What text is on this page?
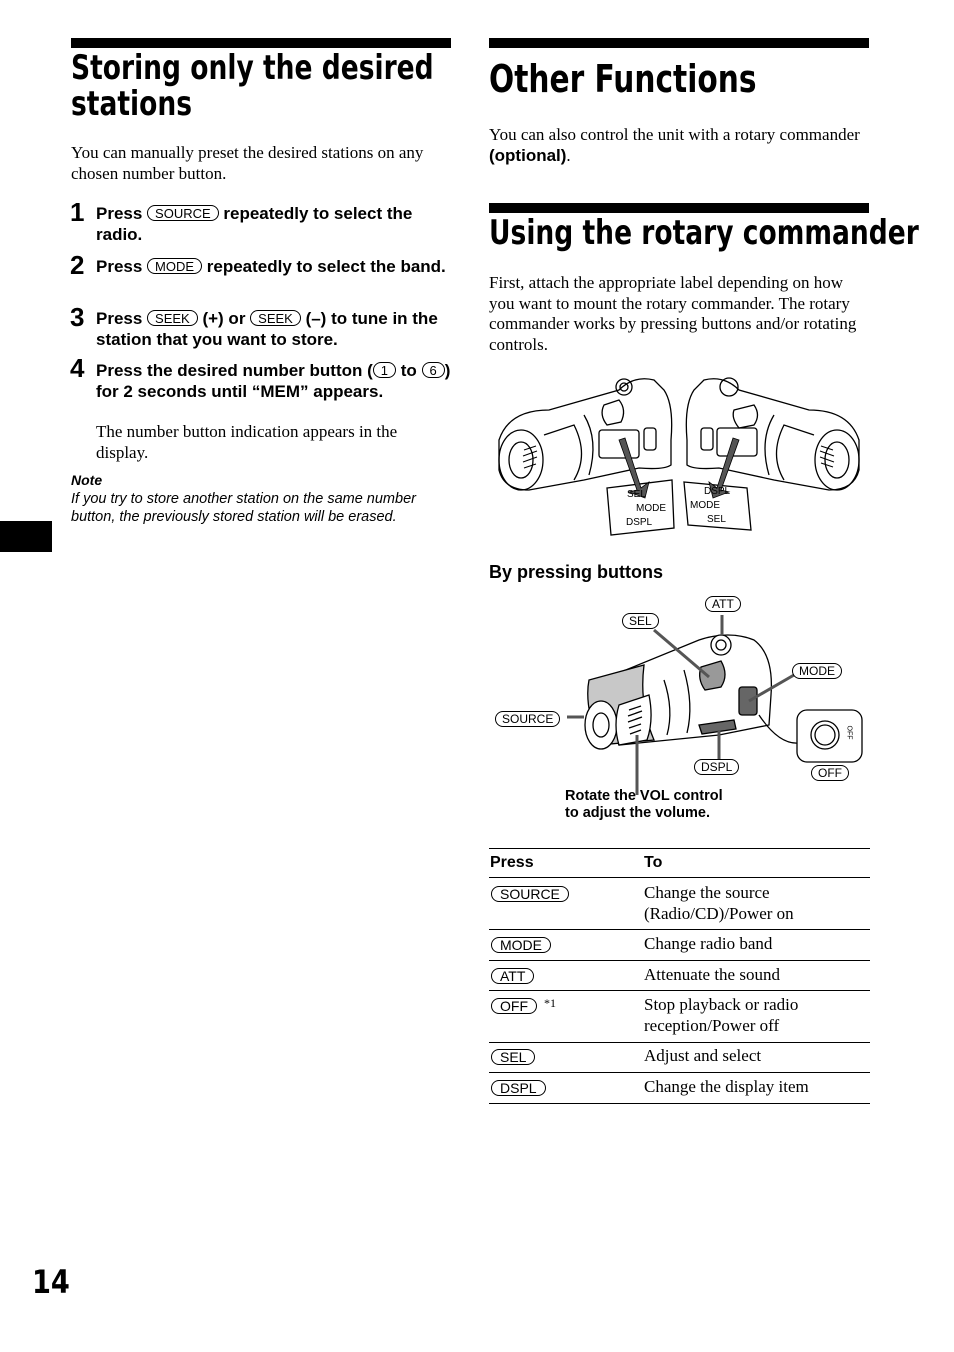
Storing only the desired
stations
You can manually preset the desired stations on any chosen number button.
1 Press SOURCE repeatedly to select the radio.
2 Press MODE repeatedly to select the band.
3 Press SEEK (+) or SEEK (–) to tune in the station that you want to store.
4 Press the desired number button ( 1 to 6 ) for 2 seconds until “MEM” appears.
The number button indication appears in the display.
Note
If you try to store another station on the same number button, the previously stored station will be erased.
Other Functions
You can also control the unit with a rotary commander (optional).
Using the rotary commander
First, attach the appropriate label depending on how you want to mount the rotary commander. The rotary commander works by pressing buttons and/or rotating controls.
SEL
MODE
DSPL
DSPL
MODE
SEL
By pressing buttons
ATT
SEL
MODE
SOURCE
DSPL	OFF
OFF
Rotate the VOL control
to adjust the volume.
Press	To
SOURCE	Change the source (Radio/CD)/Power on
MODE	Change radio band
ATT	Attenuate the sound
OFF	*1	Stop playback or radio reception/Power off
SEL	Adjust and select
DSPL	Change the display item
14
